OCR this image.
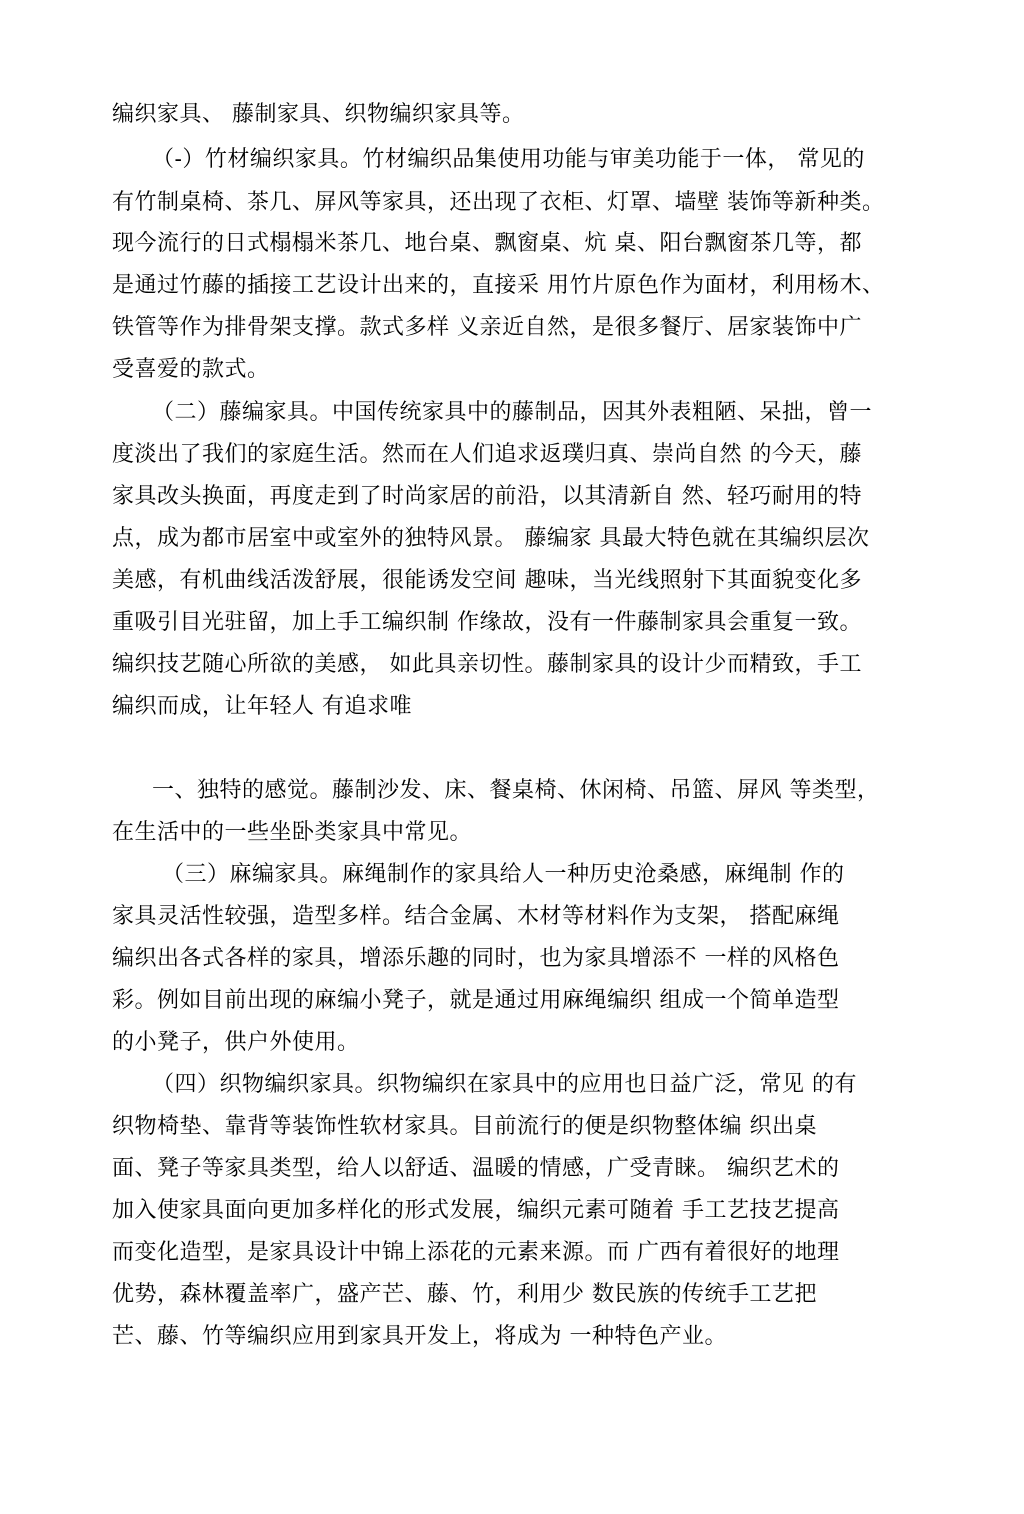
编织家具、 藤制家具、织物编织家具等。
（-）竹材编织家具。竹材编织品集使用功能与审美功能于一体， 常见的
有竹制桌椅、茶几、屏风等家具，还出现了衣柜、灯罩、墙壁 装饰等新种类。
现今流行的日式榻榻米茶几、地台桌、飘窗桌、炕 桌、阳台飘窗茶几等，都
是通过竹藤的插接工艺设计出来的，直接采 用竹片原色作为面材，利用杨木、
铁管等作为排骨架支撑。款式多样 义亲近自然，是很多餐厅、居家装饰中广
受喜爱的款式。
（二）藤编家具。中国传统家具中的藤制品，因其外表粗陋、呆拙，曾一
度淡出了我们的家庭生活。然而在人们追求返璞归真、崇尚自然 的今天，藤
家具改头换面，再度走到了时尚家居的前沿，以其清新自 然、轻巧耐用的特
点，成为都市居室中或室外的独特风景。 藤编家 具最大特色就在其编织层次
美感，有机曲线活泼舒展，很能诱发空间 趣味，当光线照射下其面貌变化多
重吸引目光驻留，加上手工编织制 作缘故，没有一件藤制家具会重复一致。
编织技艺随心所欲的美感， 如此具亲切性。藤制家具的设计少而精致，手工
编织而成，让年轻人 有追求唯
一、独特的感觉。藤制沙发、床、餐桌椅、休闲椅、吊篮、屏风 等类型，
在生活中的一些坐卧类家具中常见。
（三）麻编家具。麻绳制作的家具给人一种历史沧桑感，麻绳制 作的
家具灵活性较强，造型多样。结合金属、木材等材料作为支架， 搭配麻绳
编织出各式各样的家具，增添乐趣的同时，也为家具增添不 一样的风格色
彩。例如目前出现的麻编小凳子，就是通过用麻绳编织 组成一个简单造型
的小凳子，供户外使用。
（四）织物编织家具。织物编织在家具中的应用也日益广泛，常见 的有
织物椅垫、靠背等装饰性软材家具。目前流行的便是织物整体编 织出桌
面、凳子等家具类型，给人以舒适、温暖的情感，广受青睐。 编织艺术的
加入使家具面向更加多样化的形式发展，编织元素可随着 手工艺技艺提高
而变化造型，是家具设计中锦上添花的元素来源。而 广西有着很好的地理
优势，森林覆盖率广，盛产芒、藤、竹，利用少 数民族的传统手工艺把
芒、藤、竹等编织应用到家具开发上，将成为 一种特色产业。
